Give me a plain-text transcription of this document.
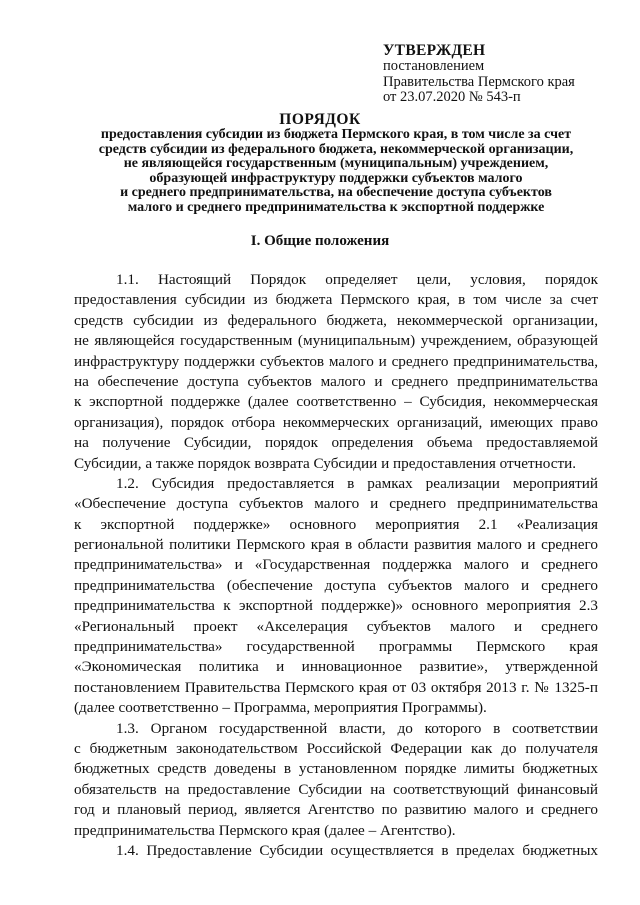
УТВЕРЖДЕН
постановлением
Правительства Пермского края
от 23.07.2020 № 543-п
ПОРЯДОК
предоставления субсидии из бюджета Пермского края, в том числе за счет
средств субсидии из федерального бюджета, некоммерческой организации,
не являющейся государственным (муниципальным) учреждением,
образующей инфраструктуру поддержки субъектов малого
и среднего предпринимательства, на обеспечение доступа субъектов
малого и среднего предпринимательства к экспортной поддержке
I. Общие положения
1.1. Настоящий Порядок определяет цели, условия, порядок
предоставления субсидии из бюджета Пермского края, в том числе за счет
средств субсидии из федерального бюджета, некоммерческой организации,
не являющейся государственным (муниципальным) учреждением, образующей
инфраструктуру поддержки субъектов малого и среднего предпринимательства,
на обеспечение доступа субъектов малого и среднего предпринимательства
к экспортной поддержке (далее соответственно – Субсидия, некоммерческая
организация), порядок отбора некоммерческих организаций, имеющих право
на получение Субсидии, порядок определения объема предоставляемой
Субсидии, а также порядок возврата Субсидии и предоставления отчетности.
1.2. Субсидия предоставляется в рамках реализации мероприятий
«Обеспечение доступа субъектов малого и среднего предпринимательства
к экспортной поддержке» основного мероприятия 2.1 «Реализация
региональной политики Пермского края в области развития малого и среднего
предпринимательства» и «Государственная поддержка малого и среднего
предпринимательства (обеспечение доступа субъектов малого и среднего
предпринимательства к экспортной поддержке)» основного мероприятия 2.3
«Региональный проект «Акселерация субъектов малого и среднего
предпринимательства» государственной программы Пермского края
«Экономическая политика и инновационное развитие», утвержденной
постановлением Правительства Пермского края от 03 октября 2013 г. № 1325-п
(далее соответственно – Программа, мероприятия Программы).
1.3. Органом государственной власти, до которого в соответствии
с бюджетным законодательством Российской Федерации как до получателя
бюджетных средств доведены в установленном порядке лимиты бюджетных
обязательств на предоставление Субсидии на соответствующий финансовый
год и плановый период, является Агентство по развитию малого и среднего
предпринимательства Пермского края (далее – Агентство).
1.4. Предоставление Субсидии осуществляется в пределах бюджетных
